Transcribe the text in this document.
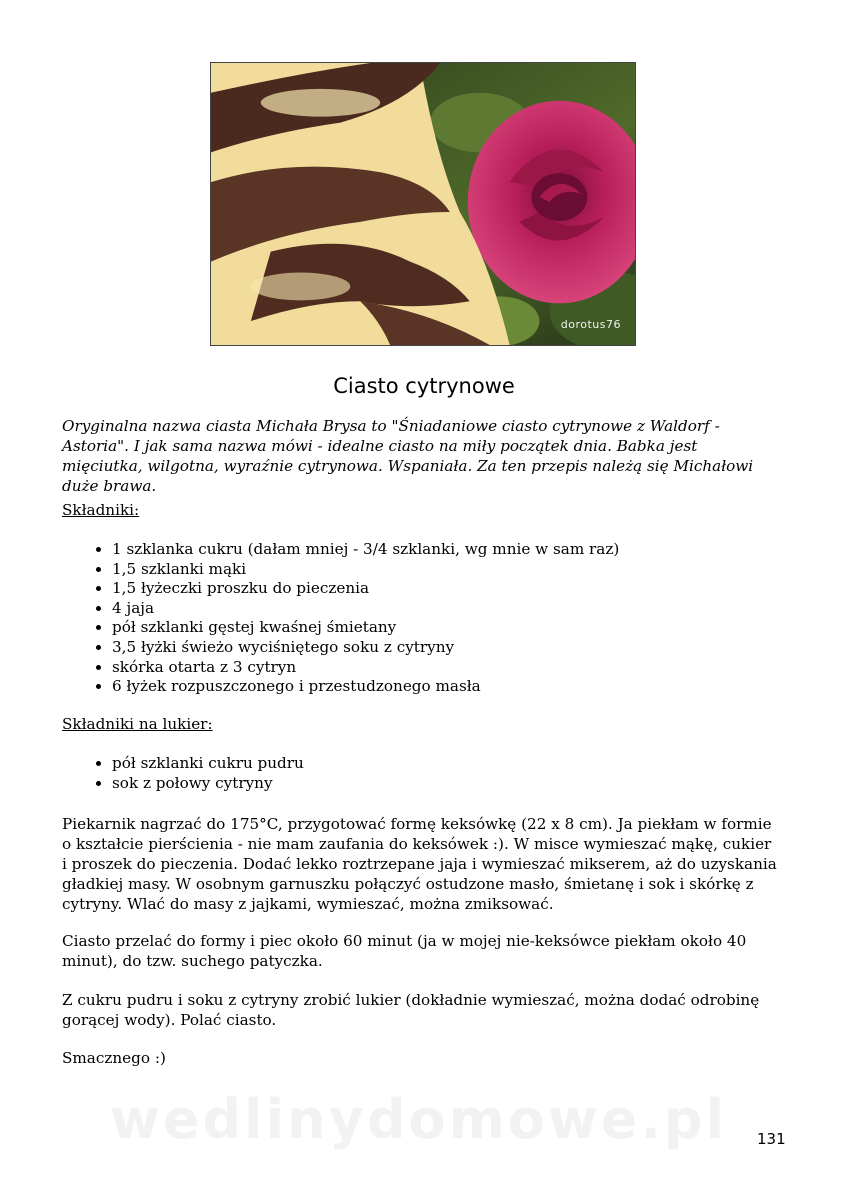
dorotus76
Ciasto cytrynowe

Oryginalna nazwa ciasta Michała Brysa to "Śniadaniowe ciasto cytrynowe z Waldorf - Astoria". I jak sama nazwa mówi - idealne ciasto na miły początek dnia. Babka jest mięciutka, wilgotna, wyraźnie cytrynowa. Wspaniała. Za ten przepis należą się Michałowi duże brawa.

Składniki:

• 1 szklanka cukru (dałam mniej - 3/4 szklanki, wg mnie w sam raz)
• 1,5 szklanki mąki
• 1,5 łyżeczki proszku do pieczenia
• 4 jaja
• pół szklanki gęstej kwaśnej śmietany
• 3,5 łyżki świeżo wyciśniętego soku z cytryny
• skórka otarta z 3 cytryn
• 6 łyżek rozpuszczonego i przestudzonego masła

Składniki na lukier:

• pół szklanki cukru pudru
• sok z połowy cytryny

Piekarnik nagrzać do 175°C, przygotować formę keksówkę (22 x 8 cm). Ja piekłam w formie o kształcie pierścienia - nie mam zaufania do keksówek :). W misce wymieszać mąkę, cukier i proszek do pieczenia. Dodać lekko roztrzepane jaja i wymieszać mikserem, aż do uzyskania gładkiej masy. W osobnym garnuszku połączyć ostudzone masło, śmietanę i sok i skórkę z cytryny. Wlać do masy z jajkami, wymieszać, można zmiksować.

Ciasto przelać do formy i piec około 60 minut (ja w mojej nie-keksówce piekłam około 40 minut), do tzw. suchego patyczka.

Z cukru pudru i soku z cytryny zrobić lukier (dokładnie wymieszać, można dodać odrobinę gorącej wody). Polać ciasto.

Smacznego :)

wedlinydomowe.pl 131
